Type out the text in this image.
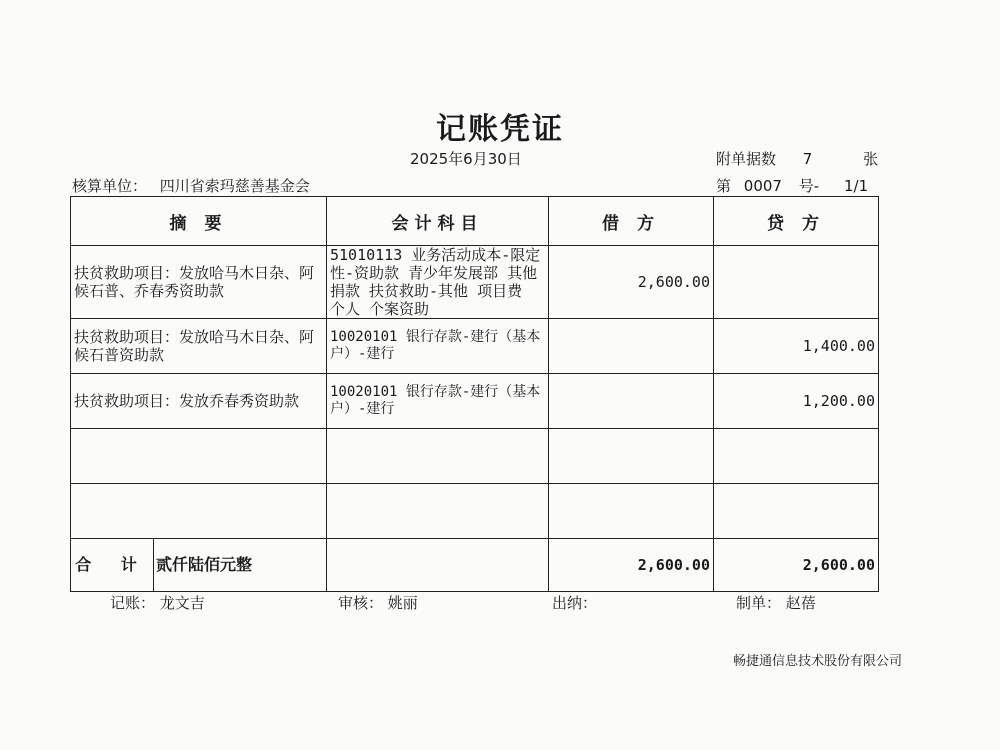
记账凭证
2025年6月30日	附单据数 7	张
核算单位： 四川省索玛慈善基金会	第 0007 号- 1/1
摘 要	会计科目	借 方	贷 方
扶贫救助项目：发放哈马木日杂、阿候石普、乔春秀资助款	51010113 业务活动成本-限定性-资助款 青少年发展部 其他捐款 扶贫救助-其他 项目费 个人 个案资助	2,600.00	
扶贫救助项目：发放哈马木日杂、阿候石普资助款	10020101 银行存款-建行（基本户）-建行		1,400.00
扶贫救助项目：发放乔春秀资助款	10020101 银行存款-建行（基本户）-建行		1,200.00

合 计 贰仟陆佰元整		2,600.00	2,600.00
记账： 龙文吉	审核： 姚丽	出纳：	制单： 赵蓓
畅捷通信息技术股份有限公司
